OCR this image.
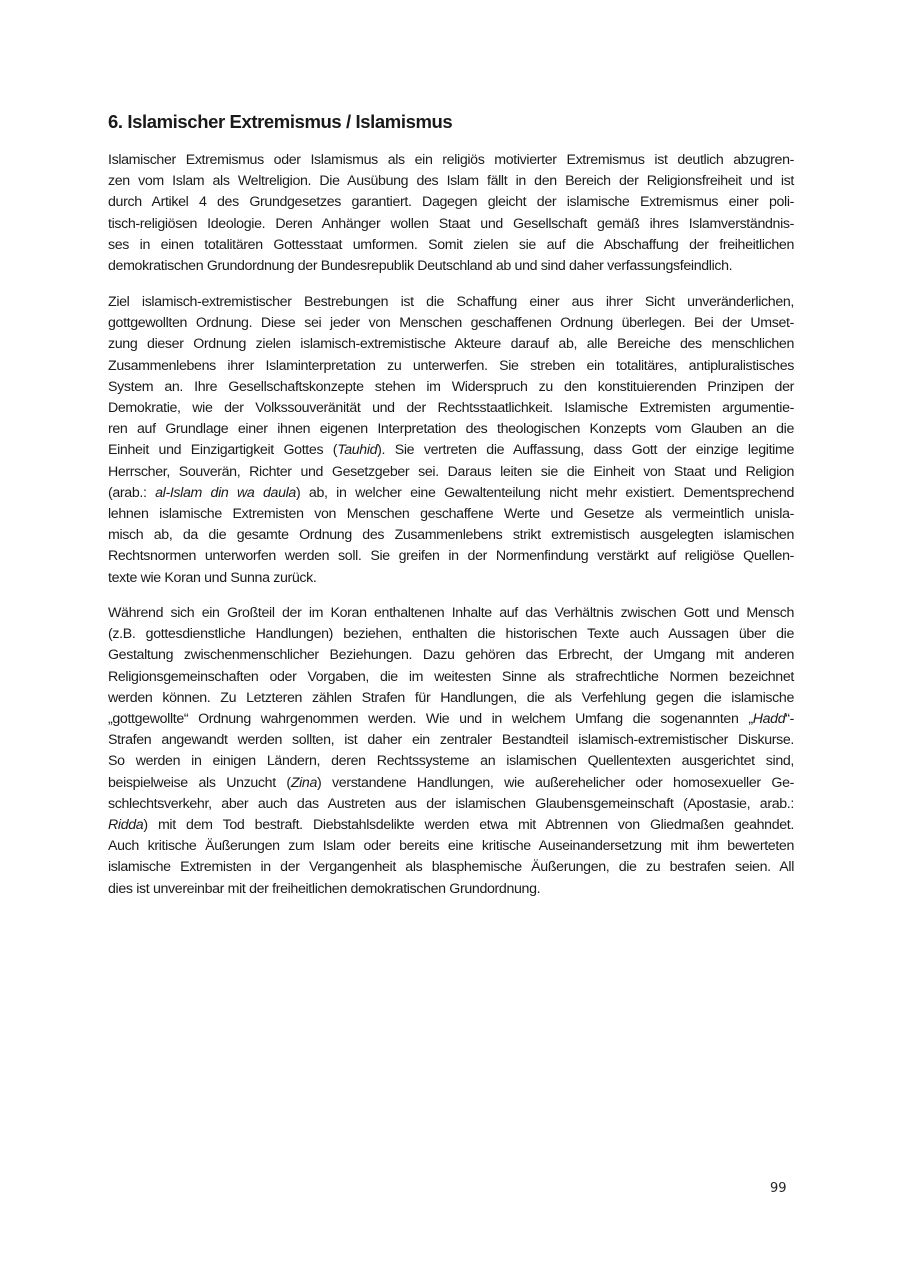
6. Islamischer Extremismus / Islamismus
Islamischer Extremismus oder Islamismus als ein religiös motivierter Extremismus ist deutlich abzugren-
zen vom Islam als Weltreligion. Die Ausübung des Islam fällt in den Bereich der Religionsfreiheit und ist
durch Artikel 4 des Grundgesetzes garantiert. Dagegen gleicht der islamische Extremismus einer poli-
tisch-religiösen Ideologie. Deren Anhänger wollen Staat und Gesellschaft gemäß ihres Islamverständnis-
ses in einen totalitären Gottesstaat umformen. Somit zielen sie auf die Abschaffung der freiheitlichen
demokratischen Grundordnung der Bundesrepublik Deutschland ab und sind daher verfassungsfeindlich.
Ziel islamisch-extremistischer Bestrebungen ist die Schaffung einer aus ihrer Sicht unveränderlichen,
gottgewollten Ordnung. Diese sei jeder von Menschen geschaffenen Ordnung überlegen. Bei der Umset-
zung dieser Ordnung zielen islamisch-extremistische Akteure darauf ab, alle Bereiche des menschlichen
Zusammenlebens ihrer Islaminterpretation zu unterwerfen. Sie streben ein totalitäres, antipluralistisches
System an. Ihre Gesellschaftskonzepte stehen im Widerspruch zu den konstituierenden Prinzipen der
Demokratie, wie der Volkssouveränität und der Rechtsstaatlichkeit. Islamische Extremisten argumentie-
ren auf Grundlage einer ihnen eigenen Interpretation des theologischen Konzepts vom Glauben an die
Einheit und Einzigartigkeit Gottes (Tauhid). Sie vertreten die Auffassung, dass Gott der einzige legitime
Herrscher, Souverän, Richter und Gesetzgeber sei. Daraus leiten sie die Einheit von Staat und Religion
(arab.: al-Islam din wa daula) ab, in welcher eine Gewaltenteilung nicht mehr existiert. Dementsprechend
lehnen islamische Extremisten von Menschen geschaffene Werte und Gesetze als vermeintlich unisla-
misch ab, da die gesamte Ordnung des Zusammenlebens strikt extremistisch ausgelegten islamischen
Rechtsnormen unterworfen werden soll. Sie greifen in der Normenfindung verstärkt auf religiöse Quellen-
texte wie Koran und Sunna zurück.
Während sich ein Großteil der im Koran enthaltenen Inhalte auf das Verhältnis zwischen Gott und Mensch
(z.B. gottesdienstliche Handlungen) beziehen, enthalten die historischen Texte auch Aussagen über die
Gestaltung zwischenmenschlicher Beziehungen. Dazu gehören das Erbrecht, der Umgang mit anderen
Religionsgemeinschaften oder Vorgaben, die im weitesten Sinne als strafrechtliche Normen bezeichnet
werden können. Zu Letzteren zählen Strafen für Handlungen, die als Verfehlung gegen die islamische
„gottgewollte“ Ordnung wahrgenommen werden. Wie und in welchem Umfang die sogenannten „Hadd“-
Strafen angewandt werden sollten, ist daher ein zentraler Bestandteil islamisch-extremistischer Diskurse.
So werden in einigen Ländern, deren Rechtssysteme an islamischen Quellentexten ausgerichtet sind,
beispielweise als Unzucht (Zina) verstandene Handlungen, wie außerehelicher oder homosexueller Ge-
schlechtsverkehr, aber auch das Austreten aus der islamischen Glaubensgemeinschaft (Apostasie, arab.:
Ridda) mit dem Tod bestraft. Diebstahlsdelikte werden etwa mit Abtrennen von Gliedmaßen geahndet.
Auch kritische Äußerungen zum Islam oder bereits eine kritische Auseinandersetzung mit ihm bewerteten
islamische Extremisten in der Vergangenheit als blasphemische Äußerungen, die zu bestrafen seien. All
dies ist unvereinbar mit der freiheitlichen demokratischen Grundordnung.
99
